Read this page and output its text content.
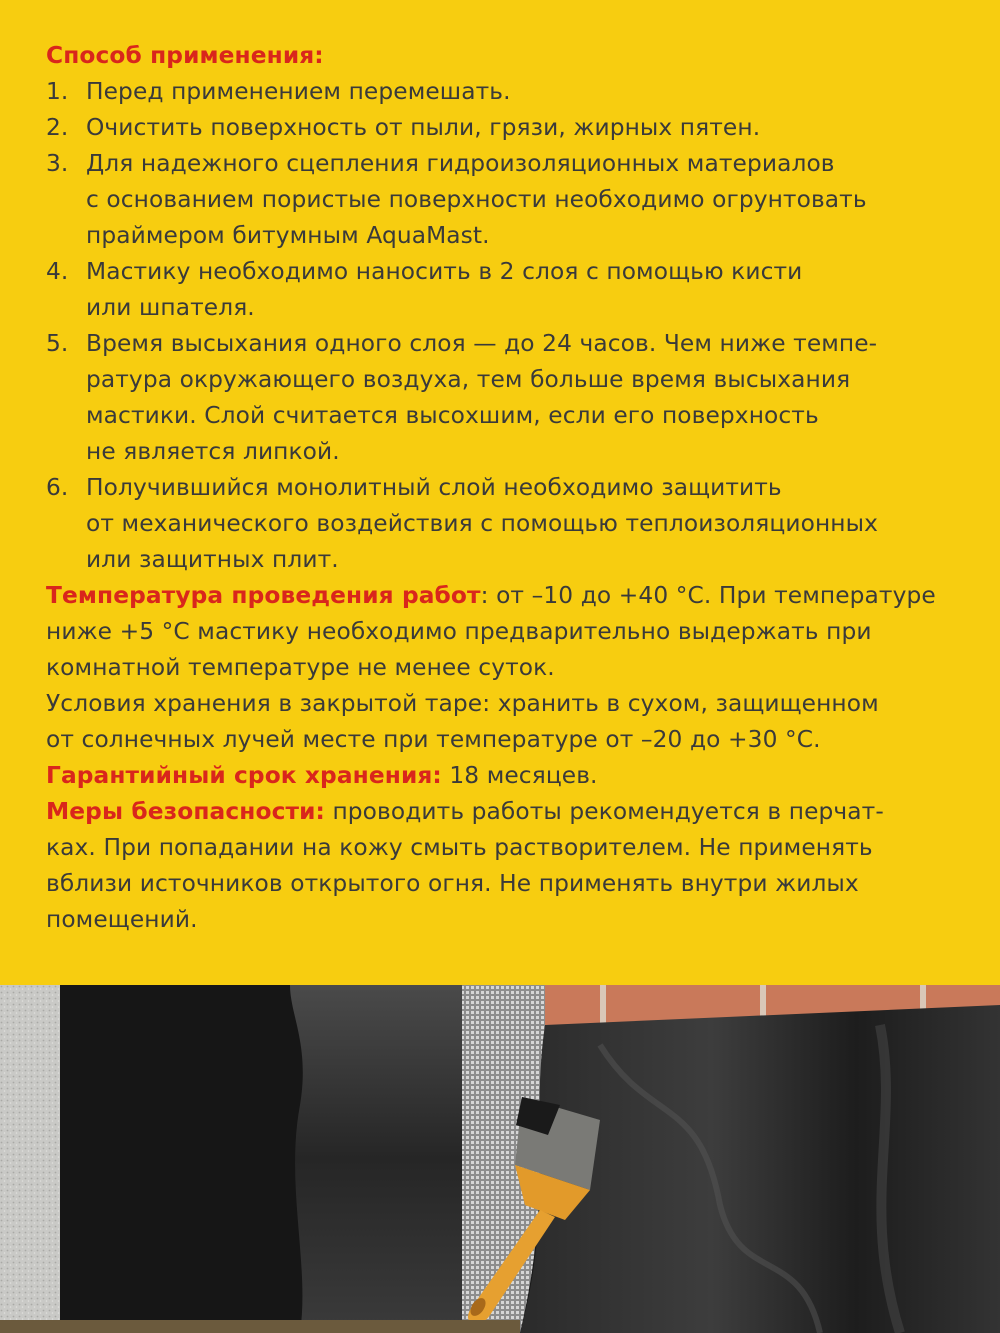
Способ применения:
1. Перед применением перемешать.
2. Очистить поверхность от пыли, грязи, жирных пятен.
3. Для надежного сцепления гидроизоляционных материалов
с основанием пористые поверхности необходимо огрунтовать
праймером битумным AquaMast.
4. Мастику необходимо наносить в 2 слоя с помощью кисти
или шпателя.
5. Время высыхания одного слоя — до 24 часов. Чем ниже темпе-
ратура окружающего воздуха, тем больше время высыхания
мастики. Слой считается высохшим, если его поверхность
не является липкой.
6. Получившийся монолитный слой необходимо защитить
от механического воздействия с помощью теплоизоляционных
или защитных плит.
Температура проведения работ: от –10 до +40 °C. При температуре
ниже +5 °C мастику необходимо предварительно выдержать при
комнатной температуре не менее суток.
Условия хранения в закрытой таре: хранить в сухом, защищенном
от солнечных лучей месте при температуре от –20 до +30 °C.
Гарантийный срок хранения: 18 месяцев.
Меры безопасности: проводить работы рекомендуется в перчат-
ках. При попадании на кожу смыть растворителем. Не применять
вблизи источников открытого огня. Не применять внутри жилых
помещений.
